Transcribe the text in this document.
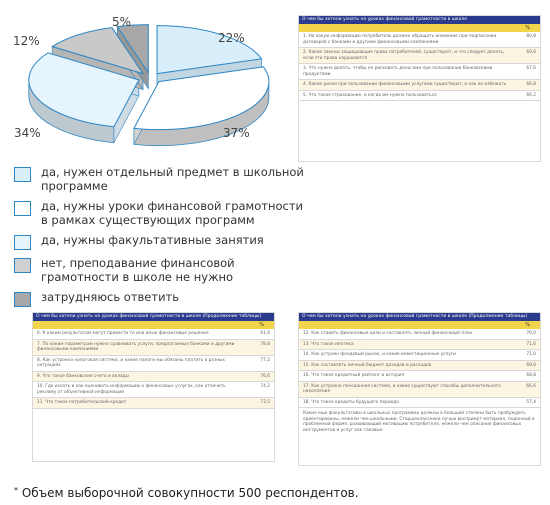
22%
37%
34%
12%
5%
да, нужен отдельный предмет в школьной программе
да, нужны уроки финансовой грамотности в рамках существующих программ
да, нужны факультативные занятия
нет, преподавание финансовой грамотности в школе не нужно
затрудняюсь ответить
О чем бы хотели узнать на уроках финансовой грамотности в школе
%
1. На какую информацию потребитель должен обращать внимание при подписании договоров с банками и другими финансовыми компаниями
80,8
2. Какие законы защищающие права потребителей, существуют, и что следует делать, если эти права нарушаются
69,6
3. Что нужно делать, чтобы не рисковать деньгами при пользовании банковскими продуктами
67,6
4. Какие риски при пользовании финансовыми услугами существуют, и как их избежать	66,8
5. Что такое страхование, и когда им нужно пользоваться	66,2
О чем бы хотели узнать на уроках финансовой грамотности в школе (Продолжение таблицы)
%
6. К каким результатам могут привести те или иные финансовые решения	61,6
7. По каким параметрам нужно сравнивать услуги, предлагаемые банками и другими финансовыми компаниями
78,8
8. Как устроена налоговая система, и какие налоги мы обязаны платить в разных ситуациях
77,2
9. Что такое банковские счета и вклады	76,6
10. Где искать и как оценивать информацию о финансовых услугах, как отличить рекламу от объективной информации
74,2
11. Что такое потребительский кредит	73,5
О чем бы хотели узнать на уроках финансовой грамотности в школе (Продолжение таблицы)
%
12. Как ставить финансовые цели и составлять личный финансовый план	76,0
13. Что такое ипотека	71,6
14. Как устроен фондовый рынок, и какие инвестиционные услуги	71,0
15. Как составлять личный бюджет доходов и расходов	69,6
16. Что такое кредитный рейтинг и история	68,8
17. Как устроена пенсионная система, и какие существуют способы дополнительного накопления
66,6
18. Что такое кредиты будущего периода	57,4
Какие еще факультативы в школьных программах должны в большей степени быть пробуждать ориентированы, нежели чем школьными. Старшеклассники лучше воспримут материал, поданный в проблемной форме, развивающий мотивацию потребителя, нежели чем описание финансовых инструментов и услуг как таковых.
* Объем выборочной совокупности 500 респондентов.
